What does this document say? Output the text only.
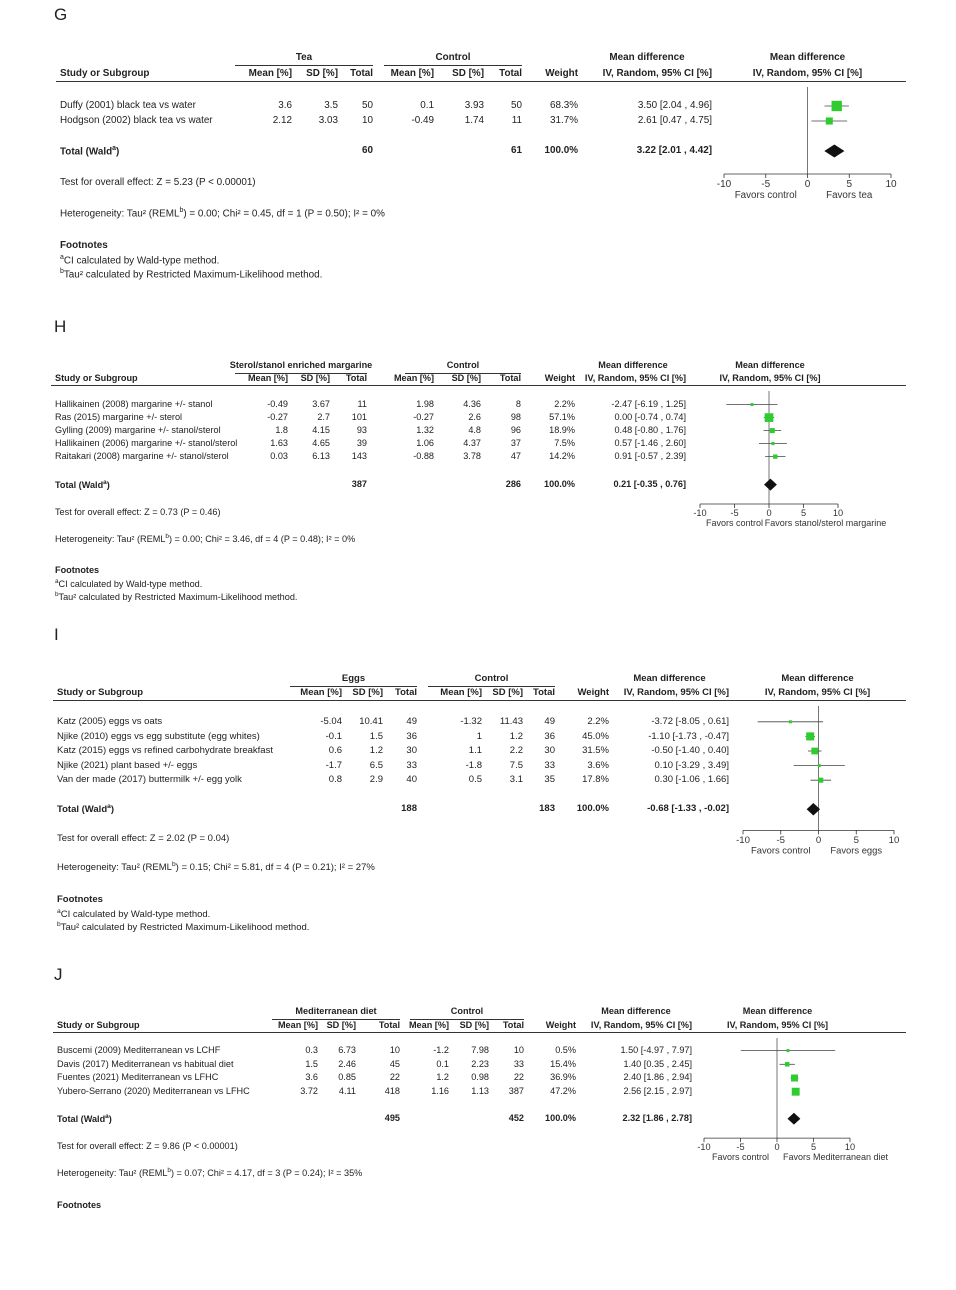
G
Tea	Control	Mean difference	Mean difference
Study or Subgroup	Mean [%] SD [%] Total Mean [%] SD [%] Total Weight IV, Random, 95% CI [%]	IV, Random, 95% CI [%]
Duffy (2001) black tea vs water	3.6	3.5 50	0.1	3.93	50	68.3%	3.50 [2.04 , 4.96]
Hodgson (2002) black tea vs water	2.12	3.03 10	-0.49	1.74	11	31.7%	2.61 [0.47 , 4.75]
Total (Wald$^a$)	60	61 100.0%	3.22 [2.01 , 4.42]
Test for overall effect: Z = 5.23 (P < 0.00001)
Heterogeneity: Tau² $(REML^b) = 0.00$; Chi² = 0.45, df = 1 (P = 0.50); I² = 0%
Footnotes
$^a$CI calculated by Wald-type method.
$^b$Tau² calculated by Restricted Maximum-Likelihood method.
-10	-5	0	5	10
Favors control	Favors tea
H
Sterol/stanol enriched margarine	Control	Mean difference	Mean difference
Study or Subgroup	Mean [%] SD [%] Total	Mean [%] SD [%] Total	Weight IV, Random, 95% CI [%]	IV, Random, 95% CI [%]
Hallikainen (2008) margarine +/- stanol	-0.49	3.67	11	1.98	4.36	8	2.2%	-2.47 [-6.19 , 1.25]
Ras (2015) margarine +/- sterol	-0.27	2.7 101	-0.27	2.6	98	57.1%	0.00 [-0.74 , 0.74]
Gylling (2009) margarine +/- stanol/sterol	1.8	4.15	93	1.32	4.8	96	18.9%	0.48 [-0.80 , 1.76]
Hallikainen (2006) margarine +/- stanol/sterol	1.63	4.65	39	1.06	4.37	37	7.5%	0.57 [-1.46 , 2.60]
Raitakari (2008) margarine +/- stanol/sterol	0.03	6.13 143	-0.88	3.78	47	14.2%	0.91 [-0.57 , 2.39]
Total (Wald$^a$)	387	286	100.0%	0.21 [-0.35 , 0.76]
Test for overall effect: Z = 0.73 (P = 0.46)
Heterogeneity: Tau² $(REML^b) = 0.00$; Chi² = 3.46, df = 4 (P = 0.48); I² = 0%
Footnotes
$^a$CI calculated by Wald-type method.
$^b$Tau² calculated by Restricted Maximum-Likelihood method.
-10	-5	0	5	10
Favors control Favors stanol/sterol margarine
I
Eggs	Control	Mean difference	Mean difference
Study or Subgroup	Mean [%] SD [%] Total Mean [%] SD [%] Total Weight IV, Random, 95% CI [%]	IV, Random, 95% CI [%]
Katz (2005) eggs vs oats	-5.04 10.41 49	-1.32 11.43 49	2.2%	-3.72 [-8.05 , 0.61]
Njike (2010) eggs vs egg substitute (egg whites)	-0.1	1.5 36	1	1.2 36	45.0%	-1.10 [-1.73 , -0.47]
Katz (2015) eggs vs refined carbohydrate breakfast	0.6	1.2 30	1.1	2.2 30	31.5%	-0.50 [-1.40 , 0.40]
Njike (2021) plant based +/- eggs	-1.7	6.5 33	-1.8	7.5 33	3.6%	0.10 [-3.29 , 3.49]
Van der made (2017) buttermilk +/- egg yolk	0.8	2.9 40	0.5	3.1 35	17.8%	0.30 [-1.06 , 1.66]
Total (Wald$^a$)	188	183 100.0%	-0.68 [-1.33 , -0.02]
Test for overall effect: Z = 2.02 (P = 0.04)
Heterogeneity: Tau² $(REML^b) = 0.15$; Chi² = 5.81, df = 4 (P = 0.21); I² = 27%
Footnotes
$^a$CI calculated by Wald-type method.
$^b$Tau² calculated by Restricted Maximum-Likelihood method.
-10	-5	0	5	10
Favors control Favors eggs
J
Mediterranean diet	Control	Mean difference	Mean difference
Study or Subgroup	Mean [%] SD [%]	Total Mean [%] SD [%] Total Weight IV, Random, 95% CI [%]	IV, Random, 95% CI [%]
Buscemi (2009) Mediterranean vs LCHF	0.3 6.73	10	-1.2 7.98	10	0.5%	1.50 [-4.97 , 7.97]
Davis (2017) Mediterranean vs habitual diet	1.5 2.46	45	0.1 2.23	33	15.4%	1.40 [0.35 , 2.45]
Fuentes (2021) Mediterranean vs LFHC	3.6 0.85	22	1.2 0.98	22	36.9%	2.40 [1.86 , 2.94]
Yubero-Serrano (2020) Mediterranean vs LFHC	3.72 4.11	418	1.16 1.13 387	47.2%	2.56 [2.15 , 2.97]
Total (Wald$^a$)	495	452 100.0%	2.32 [1.86 , 2.78]
Test for overall effect: Z = 9.86 (P < 0.00001)
Heterogeneity: Tau² $(REML^b) = 0.07$; Chi² = 4.17, df = 3 (P = 0.24); I² = 35%
Footnotes
-10	-5	0	5	10
Favors control Favors Mediterranean diet
